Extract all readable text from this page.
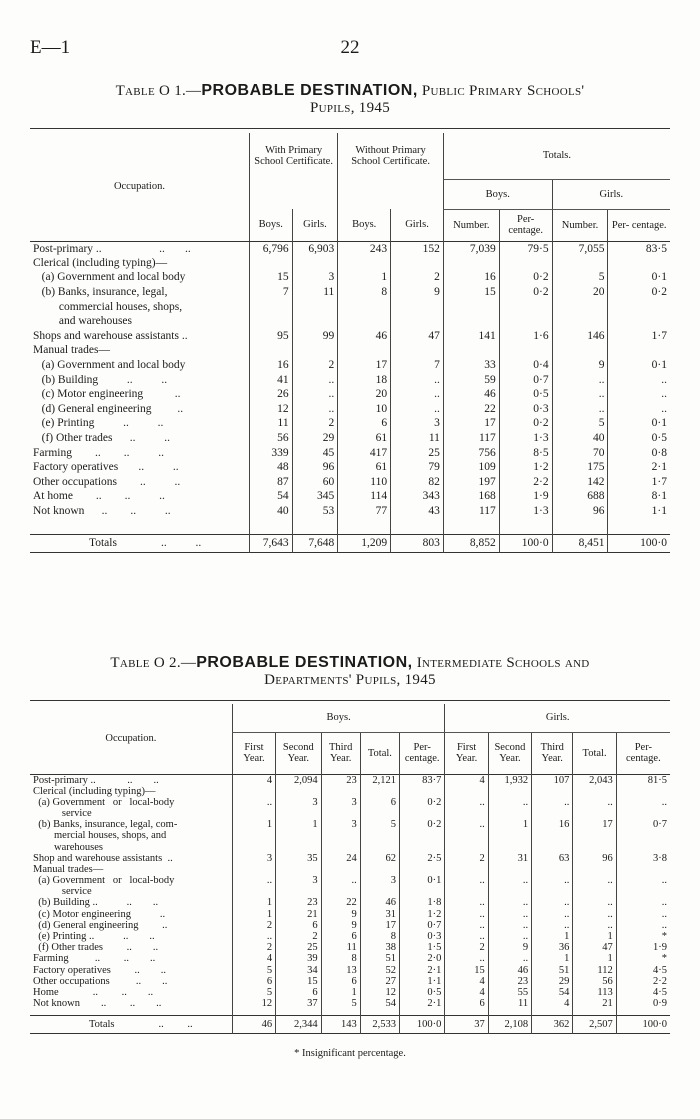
E—1	22
Table O 1.—PROBABLE DESTINATION, Public Primary Schools'
Pupils, 1945
Occupation.	With Primary School Certificate.		Without Primary School Certificate.		Totals.			
					Boys.		Girls.	
	Boys.	Girls.	Boys.	Girls.	Number.	Per- centage.	Number.	Per- centage.
Post-primary ..                    ..       ..	6,796	6,903	243	152	7,039	79·5	7,055	83·5
Clerical (including typing)—								
(a) Government and local body	15	3	1	2	16	0·2	5	0·1
(b) Banks, insurance, legal,	7	11	8	9	15	0·2	20	0·2
commercial houses, shops,								
and warehouses								
Shops and warehouse assistants ..	95	99	46	47	141	1·6	146	1·7
Manual trades—								
(a) Government and local body	16	2	17	7	33	0·4	9	0·1
(b) Building          ..          ..	41	..	18	..	59	0·7	..	..
(c) Motor engineering           ..	26	..	20	..	46	0·5	..	..
(d) General engineering         ..	12	..	10	..	22	0·3	..	..
(e) Printing          ..          ..	11	2	6	3	17	0·2	5	0·1
(f) Other trades      ..          ..	56	29	61	11	117	1·3	40	0·5
Farming        ..        ..          ..	339	45	417	25	756	8·5	70	0·8
Factory operatives       ..          ..	48	96	61	79	109	1·2	175	2·1
Other occupations        ..          ..	87	60	110	82	197	2·2	142	1·7
At home        ..        ..          ..	54	345	114	343	168	1·9	688	8·1
Not known      ..        ..          ..	40	53	77	43	117	1·3	96	1·1

Totals ..          ..	7,643	7,648	1,209	803	8,852	100·0	8,451	100·0
Table O 2.—PROBABLE DESTINATION, Intermediate Schools and
Departments' Pupils, 1945
Occupation.	Boys.					Girls.				
	First Year.	Second Year.	Third Year.	Total.	Per- centage.	First Year.	Second Year.	Third Year.	Total.	Per- centage.
Post-primary ..            ..        ..	4	2,094	23	2,121	83·7	4	1,932	107	2,043	81·5
Clerical (including typing)—										
(a) Government   or   local-body	..	3	3	6	0·2	..	..	..	..	..
service										
(b) Banks, insurance, legal, com-	1	1	3	5	0·2	..	1	16	17	0·7
mercial houses, shops, and										
warehouses										
Shop and warehouse assistants  ..	3	35	24	62	2·5	2	31	63	96	3·8
Manual trades—										
(a) Government   or   local-body	..	3	..	3	0·1	..	..	..	..	..
service										
(b) Building ..           ..        ..	1	23	22	46	1·8	..	..	..	..	..
(c) Motor engineering           ..	1	21	9	31	1·2	..	..	..	..	..
(d) General engineering         ..	2	6	9	17	0·7	..	..	..	..	..
(e) Printing ..           ..        ..	..	2	6	8	0·3	..	..	1	1	*
(f) Other trades         ..        ..	2	25	11	38	1·5	2	9	36	47	1·9
Farming          ..         ..        ..	4	39	8	51	2·0	..	..	1	1	*
Factory operatives         ..        ..	5	34	13	52	2·1	15	46	51	112	4·5
Other occupations          ..        ..	6	15	6	27	1·1	4	23	29	56	2·2
Home             ..         ..        ..	5	6	1	12	0·5	4	55	54	113	4·5
Not known        ..         ..        ..	12	37	5	54	2·1	6	11	4	21	0·9

Totals ..         ..	46	2,344	143	2,533	100·0	37	2,108	362	2,507	100·0
* Insignificant percentage.
